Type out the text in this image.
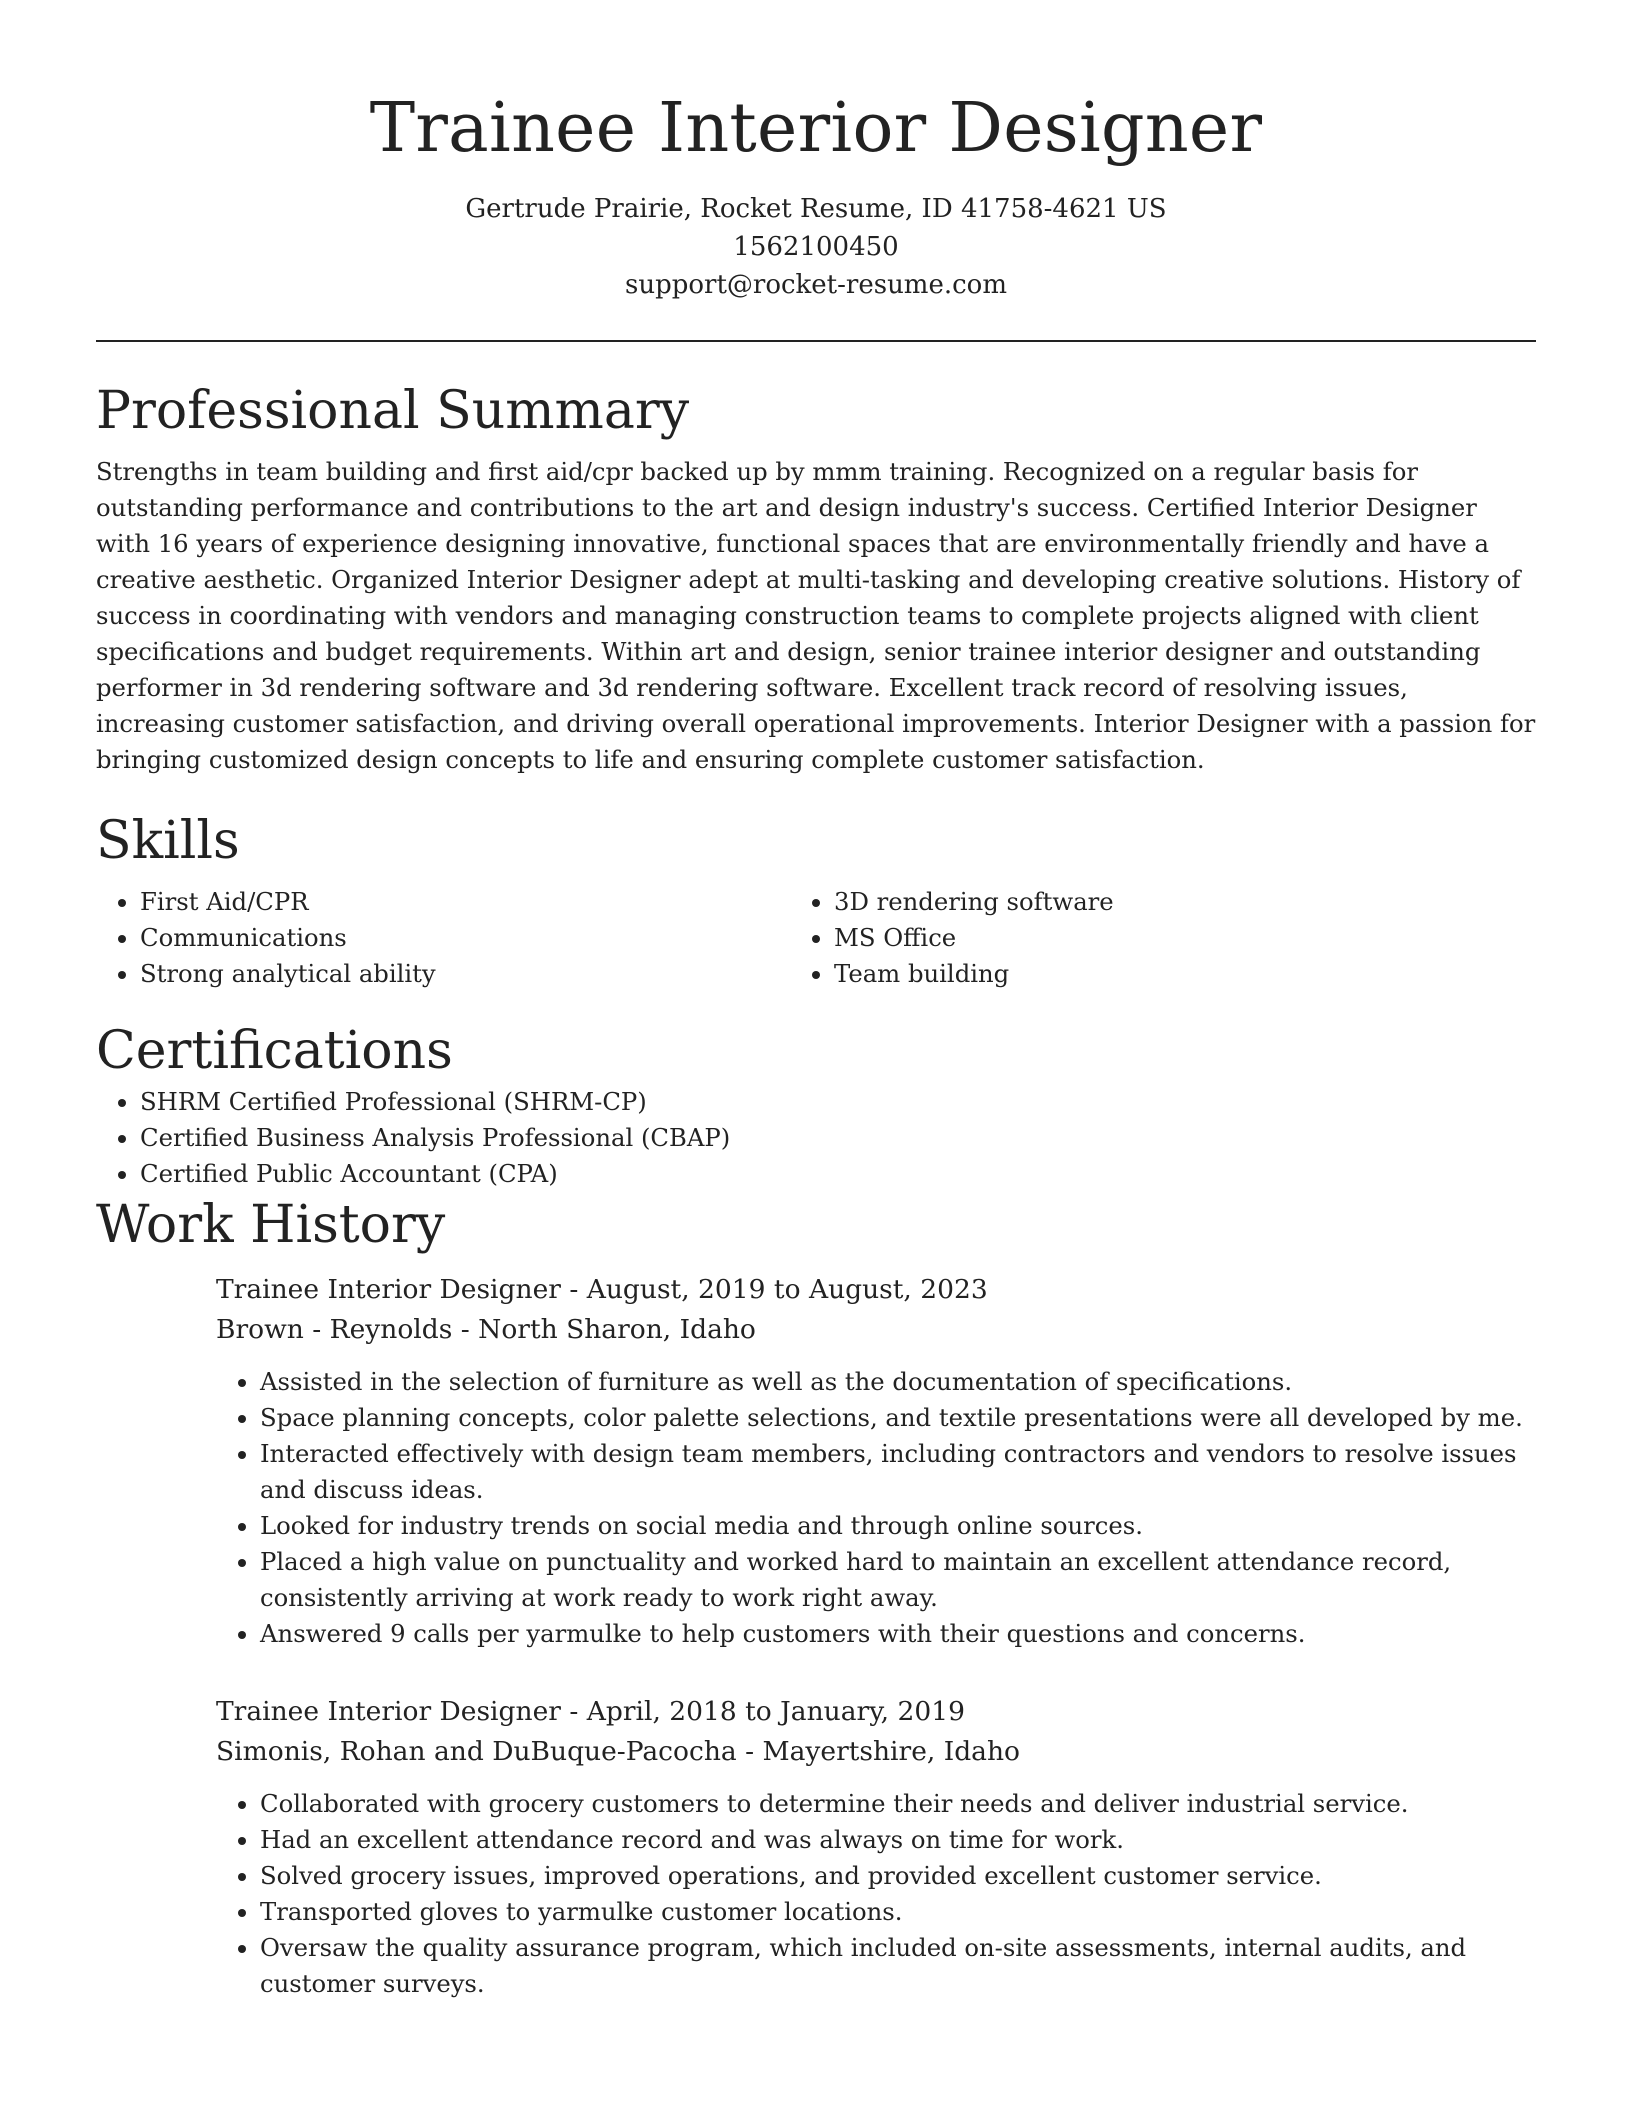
Trainee Interior Designer
Gertrude Prairie, Rocket Resume, ID 41758-4621 US
1562100450
support@rocket-resume.com
Professional Summary

Strengths in team building and first aid/cpr backed up by mmm training. Recognized on a regular basis for outstanding performance and contributions to the art and design industry's success. Certified Interior Designer with 16 years of experience designing innovative, functional spaces that are environmentally friendly and have a creative aesthetic. Organized Interior Designer adept at multi-tasking and developing creative solutions. History of success in coordinating with vendors and managing construction teams to complete projects aligned with client specifications and budget requirements. Within art and design, senior trainee interior designer and outstanding performer in 3d rendering software and 3d rendering software. Excellent track record of resolving issues, increasing customer satisfaction, and driving overall operational improvements. Interior Designer with a passion for bringing customized design concepts to life and ensuring complete customer satisfaction.

Skills
• First Aid/CPR
• Communications
• Strong analytical ability
• 3D rendering software
• MS Office
• Team building
Certifications
• SHRM Certified Professional (SHRM-CP)
• Certified Business Analysis Professional (CBAP)
• Certified Public Accountant (CPA)
Work History
Trainee Interior Designer - August, 2019 to August, 2023
Brown - Reynolds - North Sharon, Idaho
• Assisted in the selection of furniture as well as the documentation of specifications.
• Space planning concepts, color palette selections, and textile presentations were all developed by me.
• Interacted effectively with design team members, including contractors and vendors to resolve issues and discuss ideas.
• Looked for industry trends on social media and through online sources.
• Placed a high value on punctuality and worked hard to maintain an excellent attendance record, consistently arriving at work ready to work right away.
• Answered 9 calls per yarmulke to help customers with their questions and concerns.
Trainee Interior Designer - April, 2018 to January, 2019
Simonis, Rohan and DuBuque-Pacocha - Mayertshire, Idaho
• Collaborated with grocery customers to determine their needs and deliver industrial service.
• Had an excellent attendance record and was always on time for work.
• Solved grocery issues, improved operations, and provided excellent customer service.
• Transported gloves to yarmulke customer locations.
• Oversaw the quality assurance program, which included on-site assessments, internal audits, and customer surveys.
